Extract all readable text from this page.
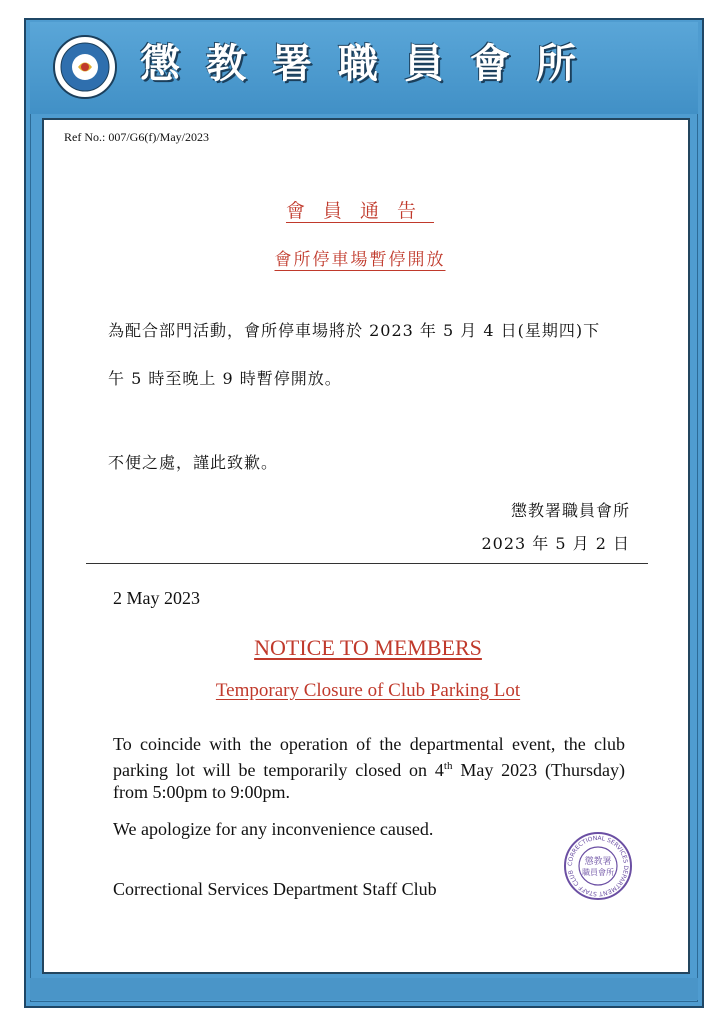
懲教署職員會所
Ref No.: 007/G6(f)/May/2023
會員通告
會所停車場暫停開放
為配合部門活動，會所停車場將於 2023 年 5 月 4 日(星期四)下
午 5 時至晚上 9 時暫停開放。
不便之處，謹此致歉。
懲教署職員會所
2023 年 5 月 2 日
2 May 2023
NOTICE TO MEMBERS
Temporary Closure of Club Parking Lot
To coincide with the operation of the departmental event, the club parking lot will be temporarily closed on 4th May 2023 (Thursday) from 5:00pm to 9:00pm.
We apologize for any inconvenience caused.
Correctional Services Department Staff Club
CORRECTIONAL SERVICES DEPARTMENT STAFF CLUB
懲教署
職員會所
